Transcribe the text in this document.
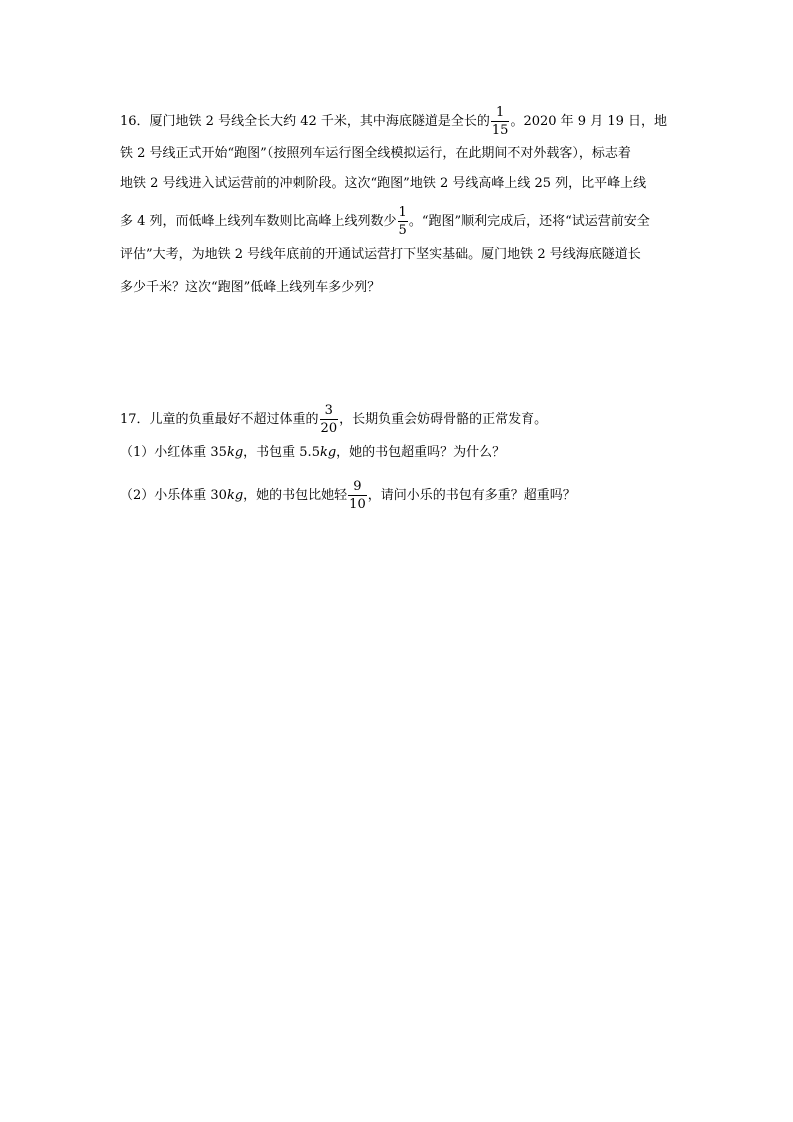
16．厦门地铁 2 号线全长大约 42 千米，其中海底隧道是全长的 $\frac{1}{15}$ 。2020 年 9 月 19 日，地
铁 2 号线正式开始“跑图”（按照列车运行图全线模拟运行，在此期间不对外载客），标志着
地铁 2 号线进入试运营前的冲刺阶段。这次“跑图”地铁 2 号线高峰上线 25 列，比平峰上线
多 4 列，而低峰上线列车数则比高峰上线列数少 $\frac{1}{5}$ 。“跑图”顺利完成后，还将“试运营前安全
评估”大考，为地铁 2 号线年底前的开通试运营打下坚实基础。厦门地铁 2 号线海底隧道长
多少千米？这次“跑图”低峰上线列车多少列？
17．儿童的负重最好不超过体重的 $\frac{3}{20}$ ，长期负重会妨碍骨骼的正常发育。
（1）小红体重 35kg，书包重 5.5kg，她的书包超重吗？为什么？
（2）小乐体重 30kg，她的书包比她轻 $\frac{9}{10}$ ，请问小乐的书包有多重？超重吗？
